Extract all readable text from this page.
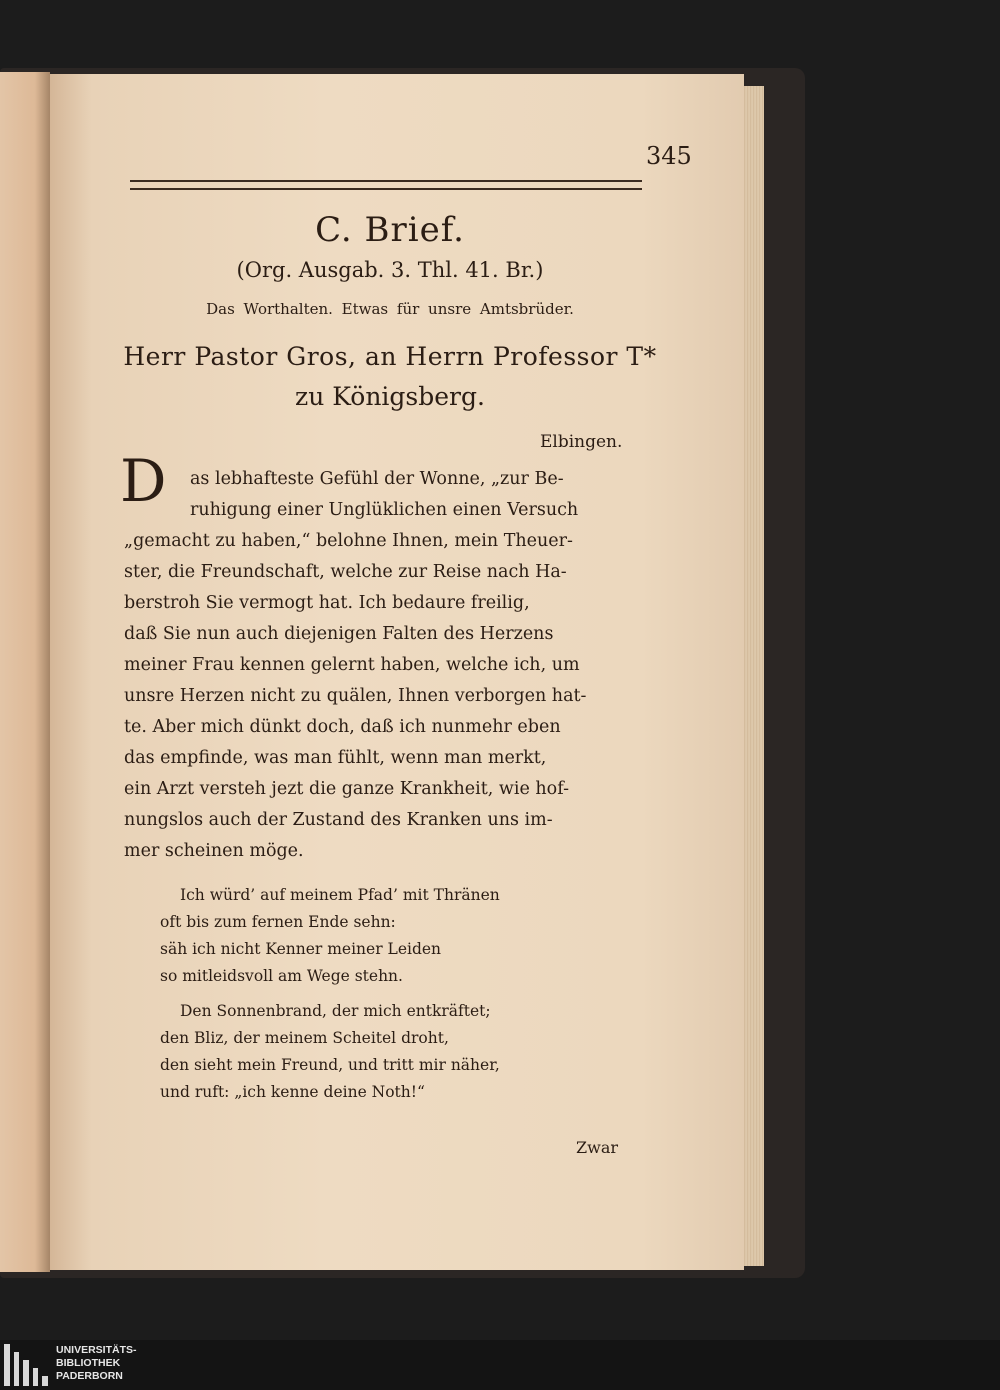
345
C. Brief.
(Org. Ausgab. 3. Thl. 41. Br.)
Das Worthalten. Etwas für unsre Amtsbrüder.
Herr Pastor Gros, an Herrn Professor T*
zu Königsberg.
Elbingen.
D	as lebhafteste Gefühl der Wonne, „zur Be-
ruhigung einer Unglüklichen einen Versuch
„gemacht zu haben,“ belohne Ihnen, mein Theuer-
ster, die Freundschaft, welche zur Reise nach Ha-
berstroh Sie vermogt hat. Ich bedaure freilig,
daß Sie nun auch diejenigen Falten des Herzens
meiner Frau kennen gelernt haben, welche ich, um
unsre Herzen nicht zu quälen, Ihnen verborgen hat-
te. Aber mich dünkt doch, daß ich nunmehr eben
das empfinde, was man fühlt, wenn man merkt,
ein Arzt versteh jezt die ganze Krankheit, wie hof-
nungslos auch der Zustand des Kranken uns im-
mer scheinen möge.
Ich würd’ auf meinem Pfad’ mit Thränen
oft bis zum fernen Ende sehn:
säh ich nicht Kenner meiner Leiden
so mitleidsvoll am Wege stehn.
Den Sonnenbrand, der mich entkräftet;
den Bliz, der meinem Scheitel droht,
den sieht mein Freund, und tritt mir näher,
und ruft: „ich kenne deine Noth!“
Zwar
UNIVERSITÄTS-
BIBLIOTHEK
PADERBORN
